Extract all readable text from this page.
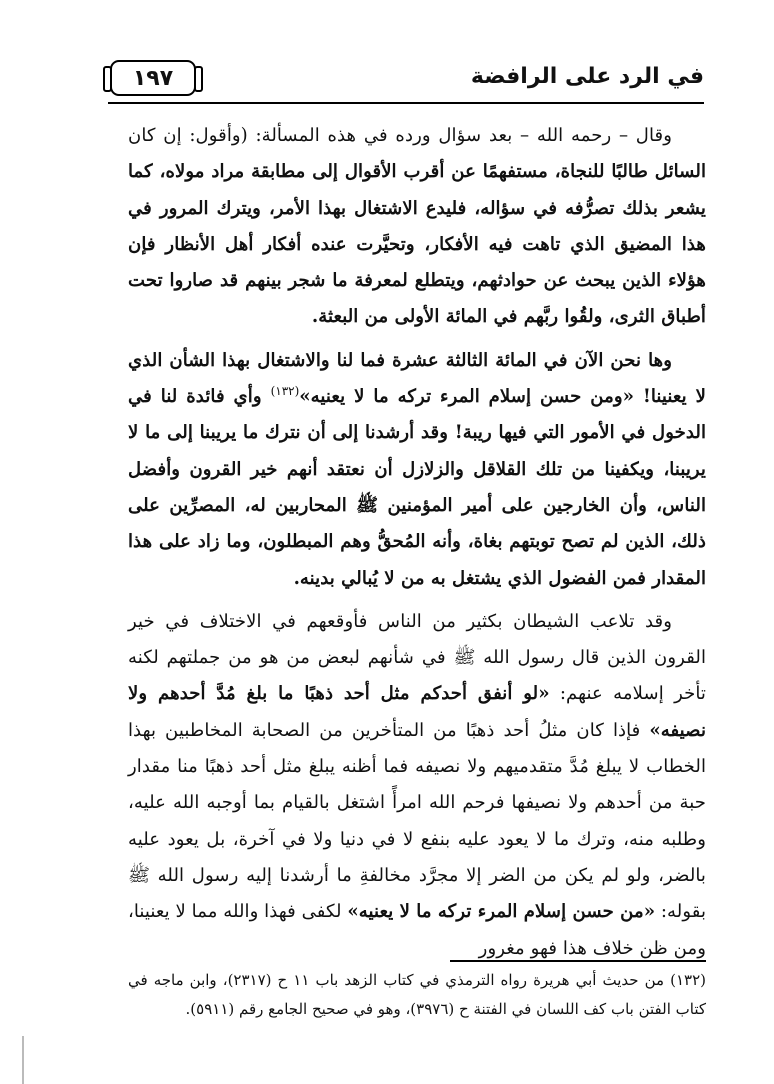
في الرد على الرافضة
١٩٧

وقال – رحمه الله – بعد سؤال ورده في هذه المسألة: (وأقول: إن كان السائل طالبًا للنجاة، مستفهمًا عن أقرب الأقوال إلى مطابقة مراد مولاه، كما يشعر بذلك تصرُّفه في سؤاله، فليدع الاشتغال بهذا الأمر، ويترك المرور في هذا المضيق الذي تاهت فيه الأفكار، وتحيَّرت عنده أفكار أهل الأنظار فإن هؤلاء الذين يبحث عن حوادثهم، ويتطلع لمعرفة ما شجر بينهم قد صاروا تحت أطباق الثرى، ولقُوا ربَّهم في المائة الأولى من البعثة.

وها نحن الآن في المائة الثالثة عشرة فما لنا والاشتغال بهذا الشأن الذي لا يعنينا! «ومن حسن إسلام المرء تركه ما لا يعنيه»$^{(١٣٢)}$ وأي فائدة لنا في الدخول في الأمور التي فيها ريبة! وقد أرشدنا إلى أن نترك ما يريبنا إلى ما لا يريبنا، ويكفينا من تلك القلاقل والزلازل أن نعتقد أنهم خير القرون وأفضل الناس، وأن الخارجين على أمير المؤمنين ﷺ المحاربين له، المصرِّين على ذلك، الذين لم تصح توبتهم بغاة، وأنه المُحقُّ وهم المبطلون، وما زاد على هذا المقدار فمن الفضول الذي يشتغل به من لا يُبالي بدينه.

وقد تلاعب الشيطان بكثير من الناس فأوقعهم في الاختلاف في خير القرون الذين قال رسول الله ﷺ في شأنهم لبعض من هو من جملتهم لكنه تأخر إسلامه عنهم: «لو أنفق أحدكم مثل أحد ذهبًا ما بلغ مُدَّ أحدهم ولا نصيفه» فإذا كان مثلُ أحد ذهبًا من المتأخرين من الصحابة المخاطبين بهذا الخطاب لا يبلغ مُدَّ متقدميهم ولا نصيفه فما أظنه يبلغ مثل أحد ذهبًا منا مقدار حبة من أحدهم ولا نصيفها فرحم الله امرأً اشتغل بالقيام بما أوجبه الله عليه، وطلبه منه، وترك ما لا يعود عليه بنفع لا في دنيا ولا في آخرة، بل يعود عليه بالضر، ولو لم يكن من الضر إلا مجرَّد مخالفةِ ما أرشدنا إليه رسول الله ﷺ بقوله: «من حسن إسلام المرء تركه ما لا يعنيه» لكفى فهذا والله مما لا يعنينا، ومن ظن خلاف هذا فهو مغرور

(١٣٢) من حديث أبي هريرة رواه الترمذي في كتاب الزهد باب ١١ ح (٢٣١٧)، وابن ماجه في كتاب الفتن باب كف اللسان في الفتنة ح (٣٩٧٦)، وهو في صحيح الجامع رقم (٥٩١١).
